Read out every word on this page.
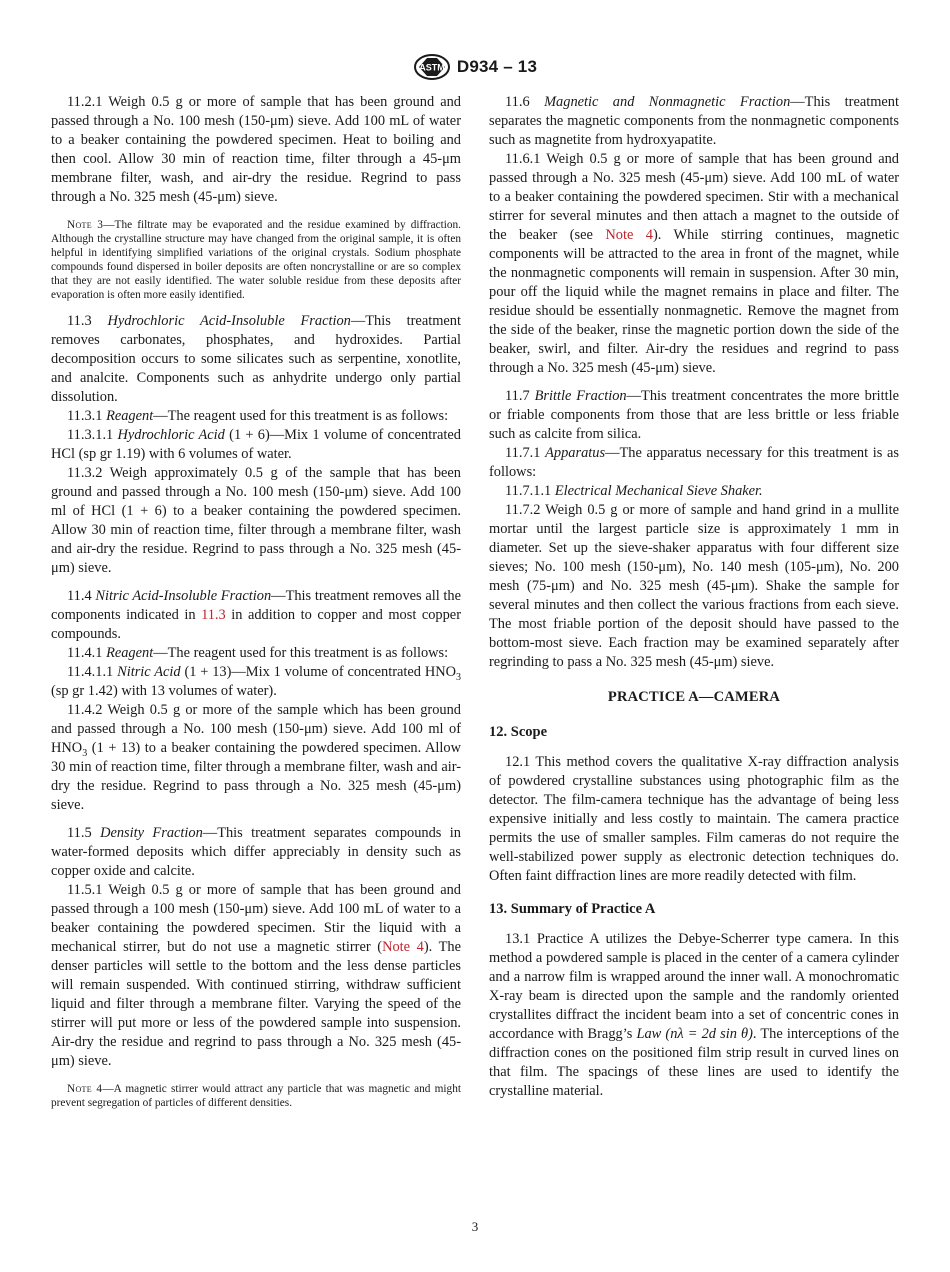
ASTM D934 – 13

11.2.1 Weigh 0.5 g or more of sample that has been ground and passed through a No. 100 mesh (150-μm) sieve. Add 100 mL of water to a beaker containing the powdered specimen. Heat to boiling and then cool. Allow 30 min of reaction time, filter through a 45-μm membrane filter, wash, and air-dry the residue. Regrind to pass through a No. 325 mesh (45-μm) sieve.

Note 3—The filtrate may be evaporated and the residue examined by diffraction. Although the crystalline structure may have changed from the original sample, it is often helpful in identifying simplified variations of the original crystals. Sodium phosphate compounds found dispersed in boiler deposits are often noncrystalline or are so complex that they are not easily identified. The water soluble residue from these deposits after evaporation is often more easily identified.

11.3 Hydrochloric Acid-Insoluble Fraction—This treatment removes carbonates, phosphates, and hydroxides. Partial decomposition occurs to some silicates such as serpentine, xonotlite, and analcite. Components such as anhydrite undergo only partial dissolution.

11.3.1 Reagent—The reagent used for this treatment is as follows:

11.3.1.1 Hydrochloric Acid (1 + 6)—Mix 1 volume of concentrated HCl (sp gr 1.19) with 6 volumes of water.

11.3.2 Weigh approximately 0.5 g of the sample that has been ground and passed through a No. 100 mesh (150-μm) sieve. Add 100 ml of HCl (1 + 6) to a beaker containing the powdered specimen. Allow 30 min of reaction time, filter through a membrane filter, wash and air-dry the residue. Regrind to pass through a No. 325 mesh (45-μm) sieve.

11.4 Nitric Acid-Insoluble Fraction—This treatment removes all the components indicated in 11.3 in addition to copper and most copper compounds.

11.4.1 Reagent—The reagent used for this treatment is as follows:

11.4.1.1 Nitric Acid (1 + 13)—Mix 1 volume of concentrated $HNO_3$ (sp gr 1.42) with 13 volumes of water).

11.4.2 Weigh 0.5 g or more of the sample which has been ground and passed through a No. 100 mesh (150-μm) sieve. Add 100 ml of $HNO_3$ (1 + 13) to a beaker containing the powdered specimen. Allow 30 min of reaction time, filter through a membrane filter, wash and air-dry the residue. Regrind to pass through a No. 325 mesh (45-μm) sieve.

11.5 Density Fraction—This treatment separates compounds in water-formed deposits which differ appreciably in density such as copper oxide and calcite.

11.5.1 Weigh 0.5 g or more of sample that has been ground and passed through a 100 mesh (150-μm) sieve. Add 100 mL of water to a beaker containing the powdered specimen. Stir the liquid with a mechanical stirrer, but do not use a magnetic stirrer (Note 4). The denser particles will settle to the bottom and the less dense particles will remain suspended. With continued stirring, withdraw sufficient liquid and filter through a membrane filter. Varying the speed of the stirrer will put more or less of the powdered sample into suspension. Air-dry the residue and regrind to pass through a No. 325 mesh (45-μm) sieve.

Note 4—A magnetic stirrer would attract any particle that was magnetic and might prevent segregation of particles of different densities.

11.6 Magnetic and Nonmagnetic Fraction—This treatment separates the magnetic components from the nonmagnetic components such as magnetite from hydroxyapatite.

11.6.1 Weigh 0.5 g or more of sample that has been ground and passed through a No. 325 mesh (45-μm) sieve. Add 100 mL of water to a beaker containing the powdered specimen. Stir with a mechanical stirrer for several minutes and then attach a magnet to the outside of the beaker (see Note 4). While stirring continues, magnetic components will be attracted to the area in front of the magnet, while the nonmagnetic components will remain in suspension. After 30 min, pour off the liquid while the magnet remains in place and filter. The residue should be essentially nonmagnetic. Remove the magnet from the side of the beaker, rinse the magnetic portion down the side of the beaker, swirl, and filter. Air-dry the residues and regrind to pass through a No. 325 mesh (45-μm) sieve.

11.7 Brittle Fraction—This treatment concentrates the more brittle or friable components from those that are less brittle or less friable such as calcite from silica.

11.7.1 Apparatus—The apparatus necessary for this treatment is as follows:

11.7.1.1 Electrical Mechanical Sieve Shaker.

11.7.2 Weigh 0.5 g or more of sample and hand grind in a mullite mortar until the largest particle size is approximately 1 mm in diameter. Set up the sieve-shaker apparatus with four different size sieves; No. 100 mesh (150-μm), No. 140 mesh (105-μm), No. 200 mesh (75-μm) and No. 325 mesh (45-μm). Shake the sample for several minutes and then collect the various fractions from each sieve. The most friable portion of the deposit should have passed to the bottom-most sieve. Each fraction may be examined separately after regrinding to pass a No. 325 mesh (45-μm) sieve.

PRACTICE A—CAMERA
12. Scope

12.1 This method covers the qualitative X-ray diffraction analysis of powdered crystalline substances using photographic film as the detector. The film-camera technique has the advantage of being less expensive initially and less costly to maintain. The camera practice permits the use of smaller samples. Film cameras do not require the well-stabilized power supply as electronic detection techniques do. Often faint diffraction lines are more readily detected with film.

13. Summary of Practice A

13.1 Practice A utilizes the Debye-Scherrer type camera. In this method a powdered sample is placed in the center of a camera cylinder and a narrow film is wrapped around the inner wall. A monochromatic X-ray beam is directed upon the sample and the randomly oriented crystallites diffract the incident beam into a set of concentric cones in accordance with Bragg’s Law (nλ = 2d sin θ). The interceptions of the diffraction cones on the positioned film strip result in curved lines on that film. The spacings of these lines are used to identify the crystalline material.

3
